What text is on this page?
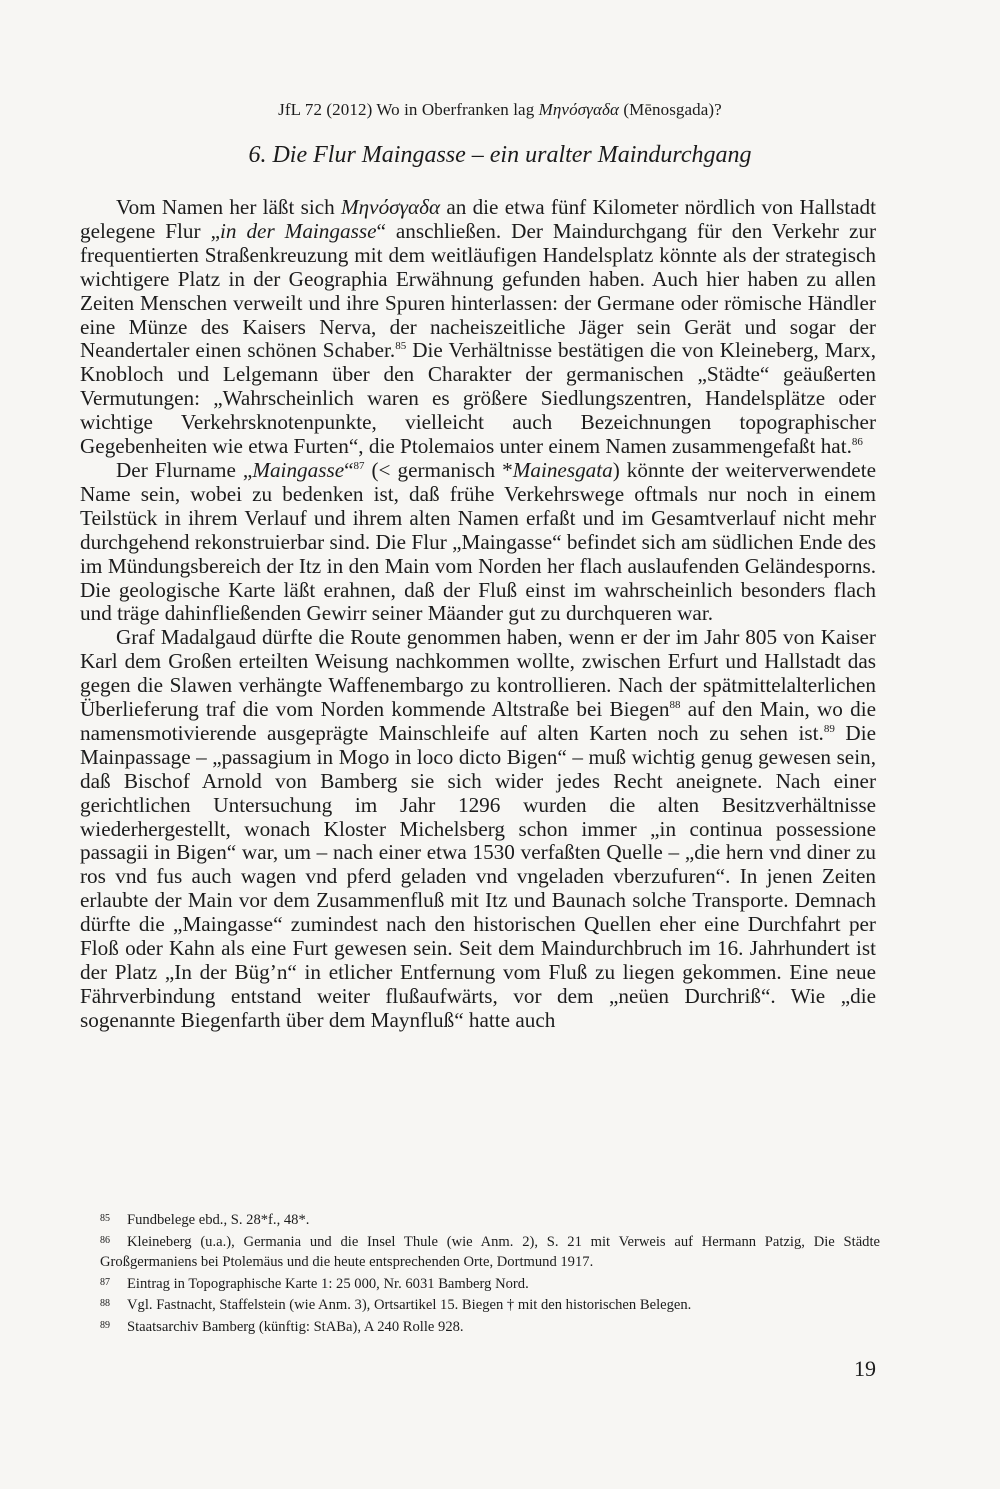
JfL 72 (2012) Wo in Oberfranken lag Μηνόσγαδα (Mēnosgada)?
6. Die Flur Maingasse – ein uralter Maindurchgang

Vom Namen her läßt sich Μηνόσγαδα an die etwa fünf Kilometer nördlich von Hallstadt gelegene Flur „in der Maingasse“ anschließen. Der Maindurchgang für den Verkehr zur frequentierten Straßenkreuzung mit dem weitläufigen Handelsplatz könnte als der strategisch wichtigere Platz in der Geographia Erwähnung gefunden haben. Auch hier haben zu allen Zeiten Menschen verweilt und ihre Spuren hinterlassen: der Germane oder römische Händler eine Münze des Kaisers Nerva, der nacheiszeitliche Jäger sein Gerät und sogar der Neandertaler einen schönen Schaber.$^{85}$ Die Verhältnisse bestätigen die von Kleineberg, Marx, Knobloch und Lelgemann über den Charakter der germanischen „Städte“ geäußerten Vermutungen: „Wahrscheinlich waren es größere Siedlungszentren, Handelsplätze oder wichtige Verkehrsknotenpunkte, vielleicht auch Bezeichnungen topographischer Gegebenheiten wie etwa Furten“, die Ptolemaios unter einem Namen zusammengefaßt hat.$^{86}$

Der Flurname „Maingasse“$^{87}$ (< germanisch *Mainesgata) könnte der weiterverwendete Name sein, wobei zu bedenken ist, daß frühe Verkehrswege oftmals nur noch in einem Teilstück in ihrem Verlauf und ihrem alten Namen erfaßt und im Gesamtverlauf nicht mehr durchgehend rekonstruierbar sind. Die Flur „Maingasse“ befindet sich am südlichen Ende des im Mündungsbereich der Itz in den Main vom Norden her flach auslaufenden Geländesporns. Die geologische Karte läßt erahnen, daß der Fluß einst im wahrscheinlich besonders flach und träge dahinfließenden Gewirr seiner Mäander gut zu durchqueren war.

Graf Madalgaud dürfte die Route genommen haben, wenn er der im Jahr 805 von Kaiser Karl dem Großen erteilten Weisung nachkommen wollte, zwischen Erfurt und Hallstadt das gegen die Slawen verhängte Waffenembargo zu kontrollieren. Nach der spätmittelalterlichen Überlieferung traf die vom Norden kommende Altstraße bei Biegen$^{88}$ auf den Main, wo die namensmotivierende ausgeprägte Mainschleife auf alten Karten noch zu sehen ist.$^{89}$ Die Mainpassage – „passagium in Mogo in loco dicto Bigen“ – muß wichtig genug gewesen sein, daß Bischof Arnold von Bamberg sie sich wider jedes Recht aneignete. Nach einer gerichtlichen Untersuchung im Jahr 1296 wurden die alten Besitzverhältnisse wiederhergestellt, wonach Kloster Michelsberg schon immer „in continua possessione passagii in Bigen“ war, um – nach einer etwa 1530 verfaßten Quelle – „die hern vnd diner zu ros vnd fus auch wagen vnd pferd geladen vnd vngeladen vberzufuren“. In jenen Zeiten erlaubte der Main vor dem Zusammenfluß mit Itz und Baunach solche Transporte. Demnach dürfte die „Maingasse“ zumindest nach den historischen Quellen eher eine Durchfahrt per Floß oder Kahn als eine Furt gewesen sein. Seit dem Maindurchbruch im 16. Jahrhundert ist der Platz „In der Büg’n“ in etlicher Entfernung vom Fluß zu liegen gekommen. Eine neue Fährverbindung entstand weiter flußaufwärts, vor dem „neüen Durchriß“. Wie „die sogenannte Biegenfarth über dem Maynfluß“ hatte auch

85 Fundbelege ebd., S. 28*f., 48*.

86 Kleineberg (u.a.), Germania und die Insel Thule (wie Anm. 2), S. 21 mit Verweis auf Hermann Patzig, Die Städte Großgermaniens bei Ptolemäus und die heute entsprechenden Orte, Dortmund 1917.

87 Eintrag in Topographische Karte 1: 25 000, Nr. 6031 Bamberg Nord.

88 Vgl. Fastnacht, Staffelstein (wie Anm. 3), Ortsartikel 15. Biegen † mit den historischen Belegen.

89 Staatsarchiv Bamberg (künftig: StABa), A 240 Rolle 928.

19
